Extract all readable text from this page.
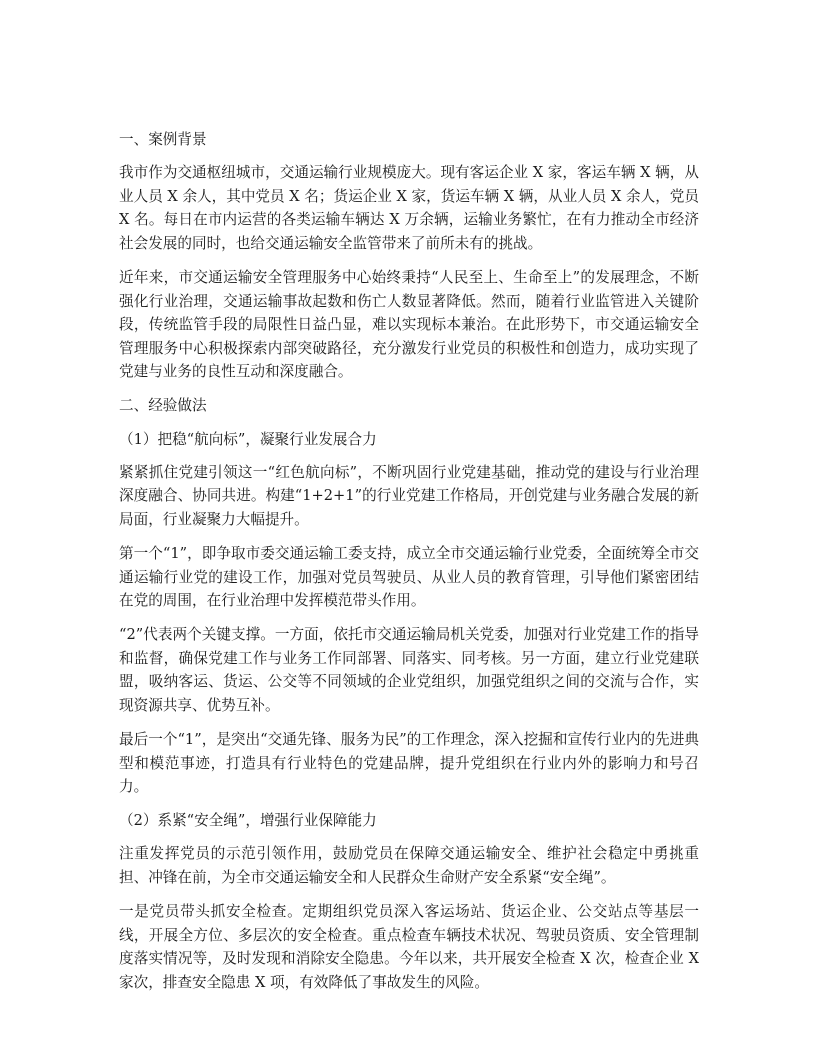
一、案例背景

我市作为交通枢纽城市，交通运输行业规模庞大。现有客运企业 X 家，客运车辆 X 辆，从业人员 X 余人，其中党员 X 名；货运企业 X 家，货运车辆 X 辆，从业人员 X 余人，党员 X 名。每日在市内运营的各类运输车辆达 X 万余辆，运输业务繁忙，在有力推动全市经济社会发展的同时，也给交通运输安全监管带来了前所未有的挑战。

近年来，市交通运输安全管理服务中心始终秉持“人民至上、生命至上”的发展理念，不断强化行业治理，交通运输事故起数和伤亡人数显著降低。然而，随着行业监管进入关键阶段，传统监管手段的局限性日益凸显，难以实现标本兼治。在此形势下，市交通运输安全管理服务中心积极探索内部突破路径，充分激发行业党员的积极性和创造力，成功实现了党建与业务的良性互动和深度融合。

二、经验做法

（1）把稳“航向标”，凝聚行业发展合力

紧紧抓住党建引领这一“红色航向标”，不断巩固行业党建基础，推动党的建设与行业治理深度融合、协同共进。构建“1+2+1”的行业党建工作格局，开创党建与业务融合发展的新局面，行业凝聚力大幅提升。

第一个“1”，即争取市委交通运输工委支持，成立全市交通运输行业党委，全面统筹全市交通运输行业党的建设工作，加强对党员驾驶员、从业人员的教育管理，引导他们紧密团结在党的周围，在行业治理中发挥模范带头作用。

“2”代表两个关键支撑。一方面，依托市交通运输局机关党委，加强对行业党建工作的指导和监督，确保党建工作与业务工作同部署、同落实、同考核。另一方面，建立行业党建联盟，吸纳客运、货运、公交等不同领域的企业党组织，加强党组织之间的交流与合作，实现资源共享、优势互补。

最后一个“1”，是突出“交通先锋、服务为民”的工作理念，深入挖掘和宣传行业内的先进典型和模范事迹，打造具有行业特色的党建品牌，提升党组织在行业内外的影响力和号召力。

（2）系紧“安全绳”，增强行业保障能力

注重发挥党员的示范引领作用，鼓励党员在保障交通运输安全、维护社会稳定中勇挑重担、冲锋在前，为全市交通运输安全和人民群众生命财产安全系紧“安全绳”。

一是党员带头抓安全检查。定期组织党员深入客运场站、货运企业、公交站点等基层一线，开展全方位、多层次的安全检查。重点检查车辆技术状况、驾驶员资质、安全管理制度落实情况等，及时发现和消除安全隐患。今年以来，共开展安全检查 X 次，检查企业 X 家次，排查安全隐患 X 项，有效降低了事故发生的风险。
